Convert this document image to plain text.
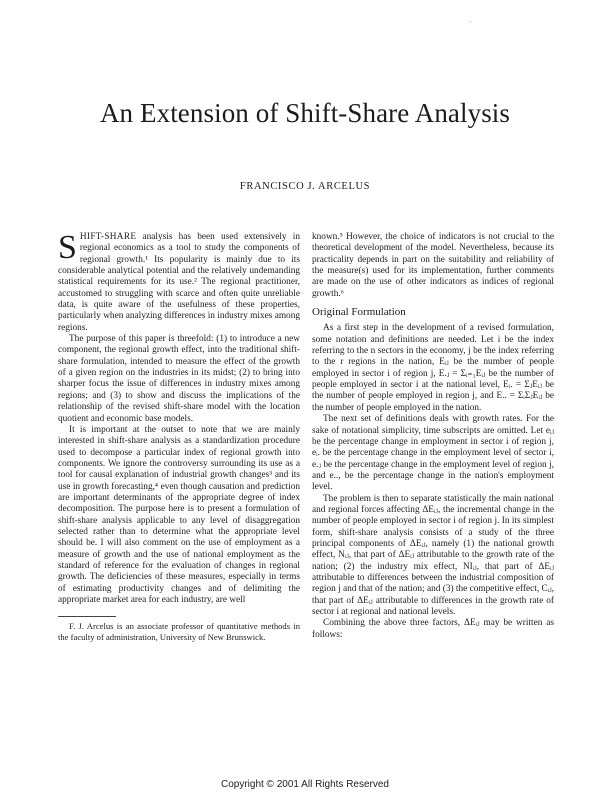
·
An Extension of Shift-Share Analysis
FRANCISCO J. ARCELUS

SHIFT-SHARE analysis has been used extensively in regional economics as a tool to study the components of regional growth.¹ Its popularity is mainly due to its considerable analytical potential and the relatively undemanding statistical requirements for its use.² The regional practitioner, accustomed to struggling with scarce and often quite unreliable data, is quite aware of the usefulness of these properties, particularly when analyzing differences in industry mixes among regions.

The purpose of this paper is threefold: (1) to introduce a new component, the regional growth effect, into the traditional shift-share formulation, intended to measure the effect of the growth of a given region on the industries in its midst; (2) to bring into sharper focus the issue of differences in industry mixes among regions; and (3) to show and discuss the implications of the relationship of the revised shift-share model with the location quotient and economic base models.

It is important at the outset to note that we are mainly interested in shift-share analysis as a standardization procedure used to decompose a particular index of regional growth into components. We ignore the controversy surrounding its use as a tool for causal explanation of industrial growth changes³ and its use in growth forecasting,⁴ even though causation and prediction are important determinants of the appropriate degree of index decomposition. The purpose here is to present a formulation of shift-share analysis applicable to any level of disaggregation selected rather than to determine what the appropriate level should be. I will also comment on the use of employment as a measure of growth and the use of national employment as the standard of reference for the evaluation of changes in regional growth. The deficiencies of these measures, especially in terms of estimating productivity changes and of delimiting the appropriate market area for each industry, are well

F. J. Arcelus is an associate professor of quantitative methods in the faculty of administration, University of New Brunswick.

known.⁵ However, the choice of indicators is not crucial to the theoretical development of the model. Nevertheless, because its practicality depends in part on the suitability and reliability of the measure(s) used for its implementation, further comments are made on the use of other indicators as indices of regional growth.⁶

Original Formulation

As a first step in the development of a revised formulation, some notation and definitions are needed. Let i be the index referring to the n sectors in the economy, j be the index referring to the r regions in the nation, Eᵢⱼ be the number of people employed in sector i of region j, E.ⱼ = Σᵢ₌₁Eᵢⱼ be the number of people employed in sector i at the national level, Eᵢ. = ΣⱼEᵢⱼ be the number of people employed in region j, and E.. = ΣᵢΣⱼEᵢⱼ be the number of people employed in the nation.

The next set of definitions deals with growth rates. For the sake of notational simplicity, time subscripts are omitted. Let eᵢⱼ be the percentage change in employment in sector i of region j, eᵢ. be the percentage change in the employment level of sector i, e.ⱼ be the percentage change in the employment level of region j, and e.., be the percentage change in the nation's employment level.

The problem is then to separate statistically the main national and regional forces affecting ΔEᵢⱼ, the incremental change in the number of people employed in sector i of region j. In its simplest form, shift-share analysis consists of a study of the three principal components of ΔEᵢⱼ, namely (1) the national growth effect, Nᵢⱼ, that part of ΔEᵢⱼ attributable to the growth rate of the nation; (2) the industry mix effect, NIᵢⱼ, that part of ΔEᵢⱼ attributable to differences between the industrial composition of region j and that of the nation; and (3) the competitive effect, Cᵢⱼ, that part of ΔEᵢⱼ attributable to differences in the growth rate of sector i at regional and national levels.

Combining the above three factors, ΔEᵢⱼ may be written as follows:

Copyright © 2001 All Rights Reserved
